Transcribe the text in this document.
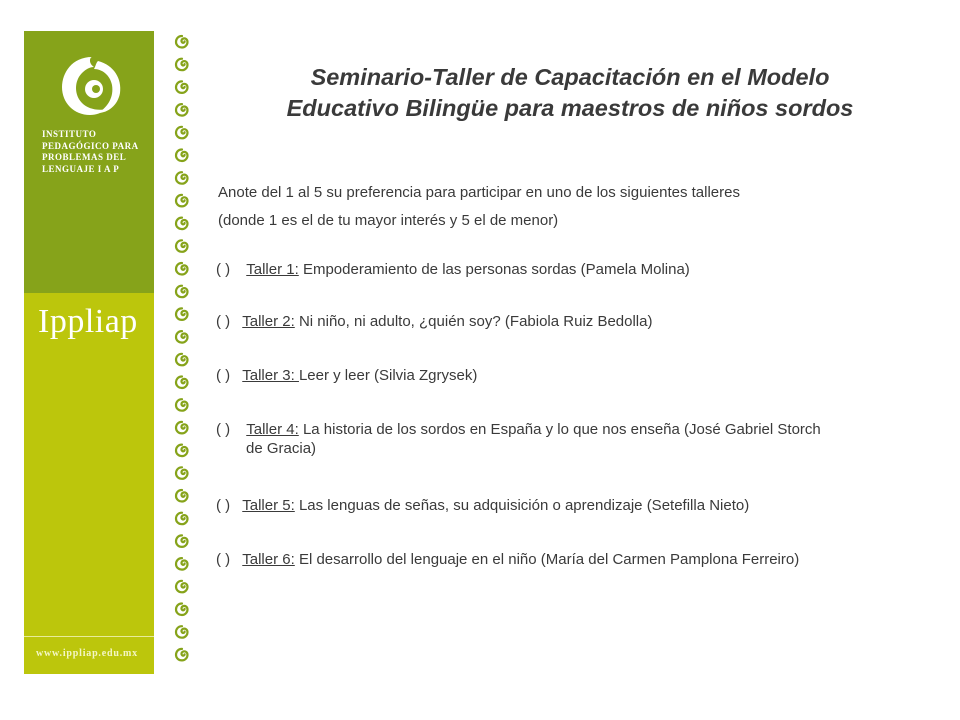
INSTITUTO
PEDAGÓGICO PARA
PROBLEMAS DEL
LENGUAJE I A P
Ippliap
www.ippliap.edu.mx
Seminario-Taller de Capacitación en el Modelo
Educativo Bilingüe para maestros de niños sordos
Anote del 1 al 5 su preferencia para participar en uno de los siguientes talleres
(donde 1 es el de tu mayor interés y 5 el de menor)
( ) Taller 1: Empoderamiento de las personas sordas (Pamela Molina)
( ) Taller 2: Ni niño, ni adulto, ¿quién soy? (Fabiola Ruiz Bedolla)
( ) Taller 3: Leer y leer (Silvia Zgrysek)
( ) Taller 4: La historia de los sordos en España y lo que nos enseña (José Gabriel Storch
de Gracia)
( ) Taller 5: Las lenguas de señas, su adquisición o aprendizaje (Setefilla Nieto)
( ) Taller 6: El desarrollo del lenguaje en el niño (María del Carmen Pamplona Ferreiro)
